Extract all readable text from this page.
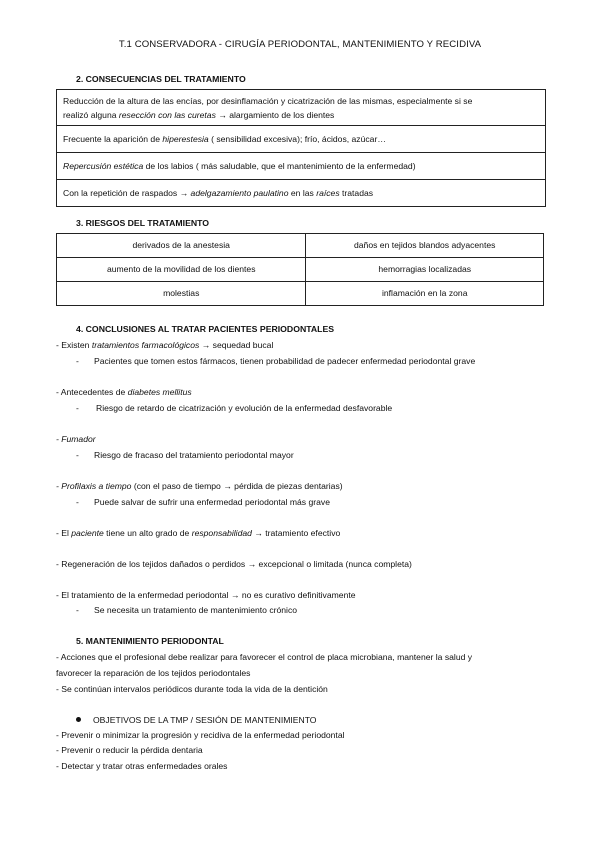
T.1 CONSERVADORA - CIRUGÍA PERIODONTAL, MANTENIMIENTO Y RECIDIVA
2. CONSECUENCIAS DEL TRATAMIENTO
Reducción de la altura de las encías, por desinflamación y cicatrización de las mismas, especialmente si se
realizó alguna resección con las curetas → alargamiento de los dientes
Frecuente la aparición de hiperestesia ( sensibilidad excesiva); frío, ácidos, azúcar…
Repercusión estética de los labios ( más saludable, que el mantenimiento de la enfermedad)
Con la repetición de raspados → adelgazamiento paulatino en las raíces tratadas
3. RIESGOS DEL TRATAMIENTO
derivados de la anestesia	daños en tejidos blandos adyacentes
aumento de la movilidad de los dientes	hemorragias localizadas
molestias	inflamación en la zona
4. CONCLUSIONES AL TRATAR PACIENTES PERIODONTALES
- Existen tratamientos farmacológicos → sequedad bucal
- Pacientes que tomen estos fármacos, tienen probabilidad de padecer enfermedad periodontal grave
- Antecedentes de diabetes mellitus
- Riesgo de retardo de cicatrización y evolución de la enfermedad desfavorable
- Fumador
- Riesgo de fracaso del tratamiento periodontal mayor
- Profilaxis a tiempo (con el paso de tiempo → pérdida de piezas dentarias)
- Puede salvar de sufrir una enfermedad periodontal más grave
- El paciente tiene un alto grado de responsabilidad → tratamiento efectivo
- Regeneración de los tejidos dañados o perdidos → excepcional o limitada (nunca completa)
- El tratamiento de la enfermedad periodontal → no es curativo definitivamente
- Se necesita un tratamiento de mantenimiento crónico
5. MANTENIMIENTO PERIODONTAL
- Acciones que el profesional debe realizar para favorecer el control de placa microbiana, mantener la salud y
favorecer la reparación de los tejidos periodontales
- Se continúan intervalos periódicos durante toda la vida de la dentición
OBJETIVOS DE LA TMP / SESIÓN DE MANTENIMIENTO
- Prevenir o minimizar la progresión y recidiva de la enfermedad periodontal
- Prevenir o reducir la pérdida dentaria
- Detectar y tratar otras enfermedades orales
